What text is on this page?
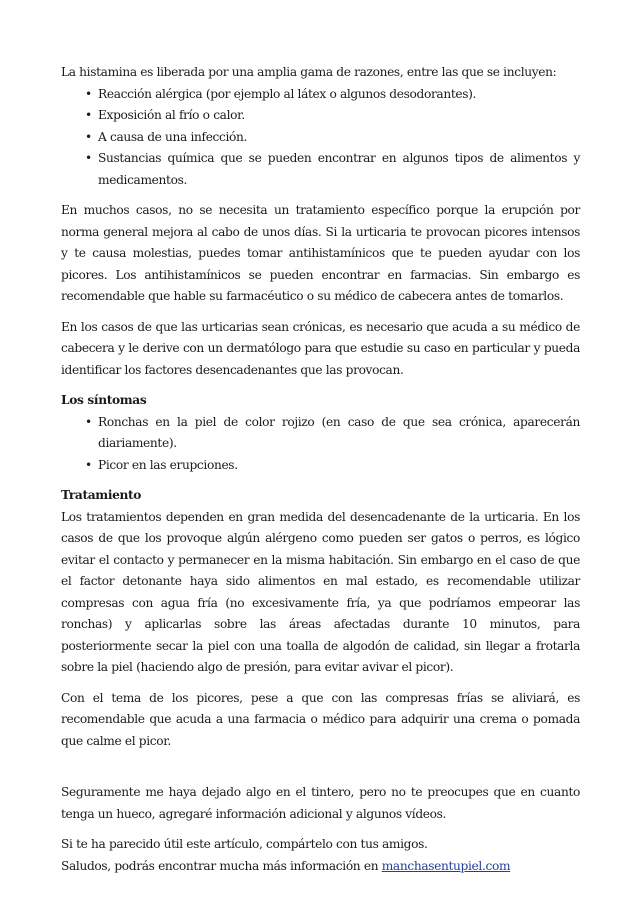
La histamina es liberada por una amplia gama de razones, entre las que se incluyen:

• Reacción alérgica (por ejemplo al látex o algunos desodorantes).
• Exposición al frío o calor.
• A causa de una infección.
• Sustancias química que se pueden encontrar en algunos tipos de alimentos y medicamentos.

En muchos casos, no se necesita un tratamiento específico porque la erupción por norma general mejora al cabo de unos días. Si la urticaria te provocan picores intensos y te causa molestias, puedes tomar antihistamínicos que te pueden ayudar con los picores. Los antihistamínicos se pueden encontrar en farmacias. Sin embargo es recomendable que hable su farmacéutico o su médico de cabecera antes de tomarlos.

En los casos de que las urticarias sean crónicas, es necesario que acuda a su médico de cabecera y le derive con un dermatólogo para que estudie su caso en particular y pueda identificar los factores desencadenantes que las provocan.

Los síntomas

• Ronchas en la piel de color rojizo (en caso de que sea crónica, aparecerán diariamente).
• Picor en las erupciones.

Tratamiento

Los tratamientos dependen en gran medida del desencadenante de la urticaria. En los casos de que los provoque algún alérgeno como pueden ser gatos o perros, es lógico evitar el contacto y permanecer en la misma habitación. Sin embargo en el caso de que el factor detonante haya sido alimentos en mal estado, es recomendable utilizar compresas con agua fría (no excesivamente fría, ya que podríamos empeorar las ronchas) y aplicarlas sobre las áreas afectadas durante 10 minutos, para posteriormente secar la piel con una toalla de algodón de calidad, sin llegar a frotarla sobre la piel (haciendo algo de presión, para evitar avivar el picor).

Con el tema de los picores, pese a que con las compresas frías se aliviará, es recomendable que acuda a una farmacia o médico para adquirir una crema o pomada que calme el picor.

Seguramente me haya dejado algo en el tintero, pero no te preocupes que en cuanto tenga un hueco, agregaré información adicional y algunos vídeos.

Si te ha parecido útil este artículo, compártelo con tus amigos.

Saludos, podrás encontrar mucha más información en manchasentupiel.com
